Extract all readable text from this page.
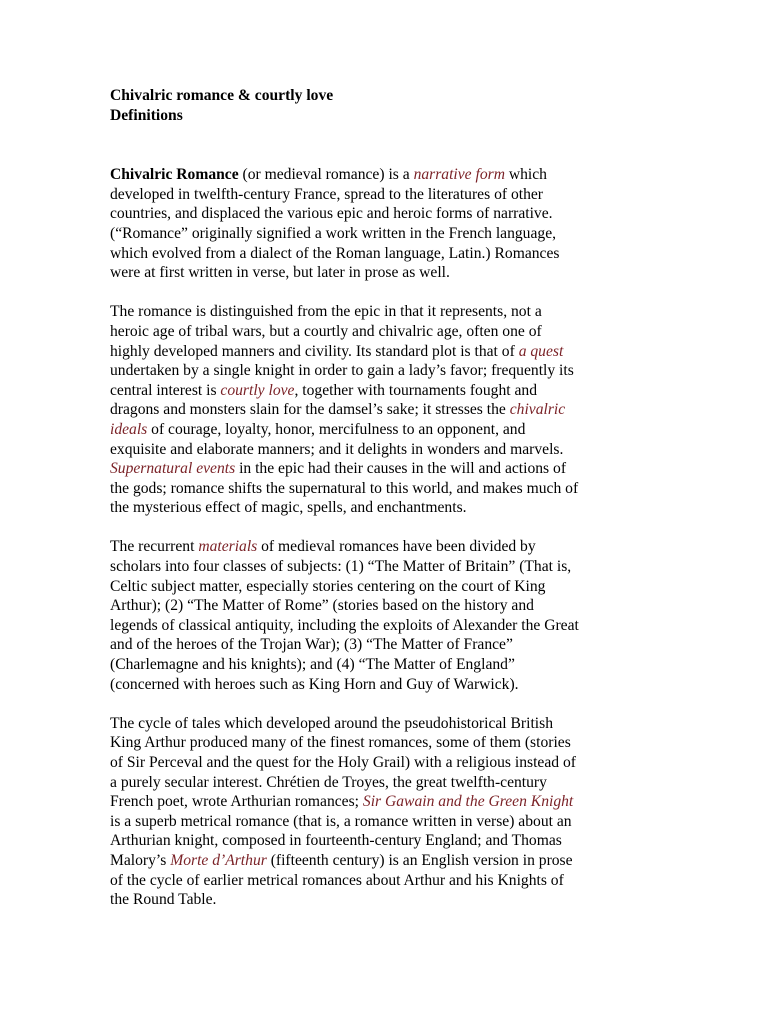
Chivalric romance & courtly love
Definitions

Chivalric Romance (or medieval romance) is a narrative form which
developed in twelfth-century France, spread to the literatures of other
countries, and displaced the various epic and heroic forms of narrative.
(“Romance” originally signified a work written in the French language,
which evolved from a dialect of the Roman language, Latin.) Romances
were at first written in verse, but later in prose as well.

The romance is distinguished from the epic in that it represents, not a
heroic age of tribal wars, but a courtly and chivalric age, often one of
highly developed manners and civility. Its standard plot is that of a quest
undertaken by a single knight in order to gain a lady’s favor; frequently its
central interest is courtly love, together with tournaments fought and
dragons and monsters slain for the damsel’s sake; it stresses the chivalric
ideals of courage, loyalty, honor, mercifulness to an opponent, and
exquisite and elaborate manners; and it delights in wonders and marvels.
Supernatural events in the epic had their causes in the will and actions of
the gods; romance shifts the supernatural to this world, and makes much of
the mysterious effect of magic, spells, and enchantments.

The recurrent materials of medieval romances have been divided by
scholars into four classes of subjects: (1) “The Matter of Britain” (That is,
Celtic subject matter, especially stories centering on the court of King
Arthur); (2) “The Matter of Rome” (stories based on the history and
legends of classical antiquity, including the exploits of Alexander the Great
and of the heroes of the Trojan War); (3) “The Matter of France”
(Charlemagne and his knights); and (4) “The Matter of England”
(concerned with heroes such as King Horn and Guy of Warwick).

The cycle of tales which developed around the pseudohistorical British
King Arthur produced many of the finest romances, some of them (stories
of Sir Perceval and the quest for the Holy Grail) with a religious instead of
a purely secular interest. Chrétien de Troyes, the great twelfth-century
French poet, wrote Arthurian romances; Sir Gawain and the Green Knight
is a superb metrical romance (that is, a romance written in verse) about an
Arthurian knight, composed in fourteenth-century England; and Thomas
Malory’s Morte d’Arthur (fifteenth century) is an English version in prose
of the cycle of earlier metrical romances about Arthur and his Knights of
the Round Table.
